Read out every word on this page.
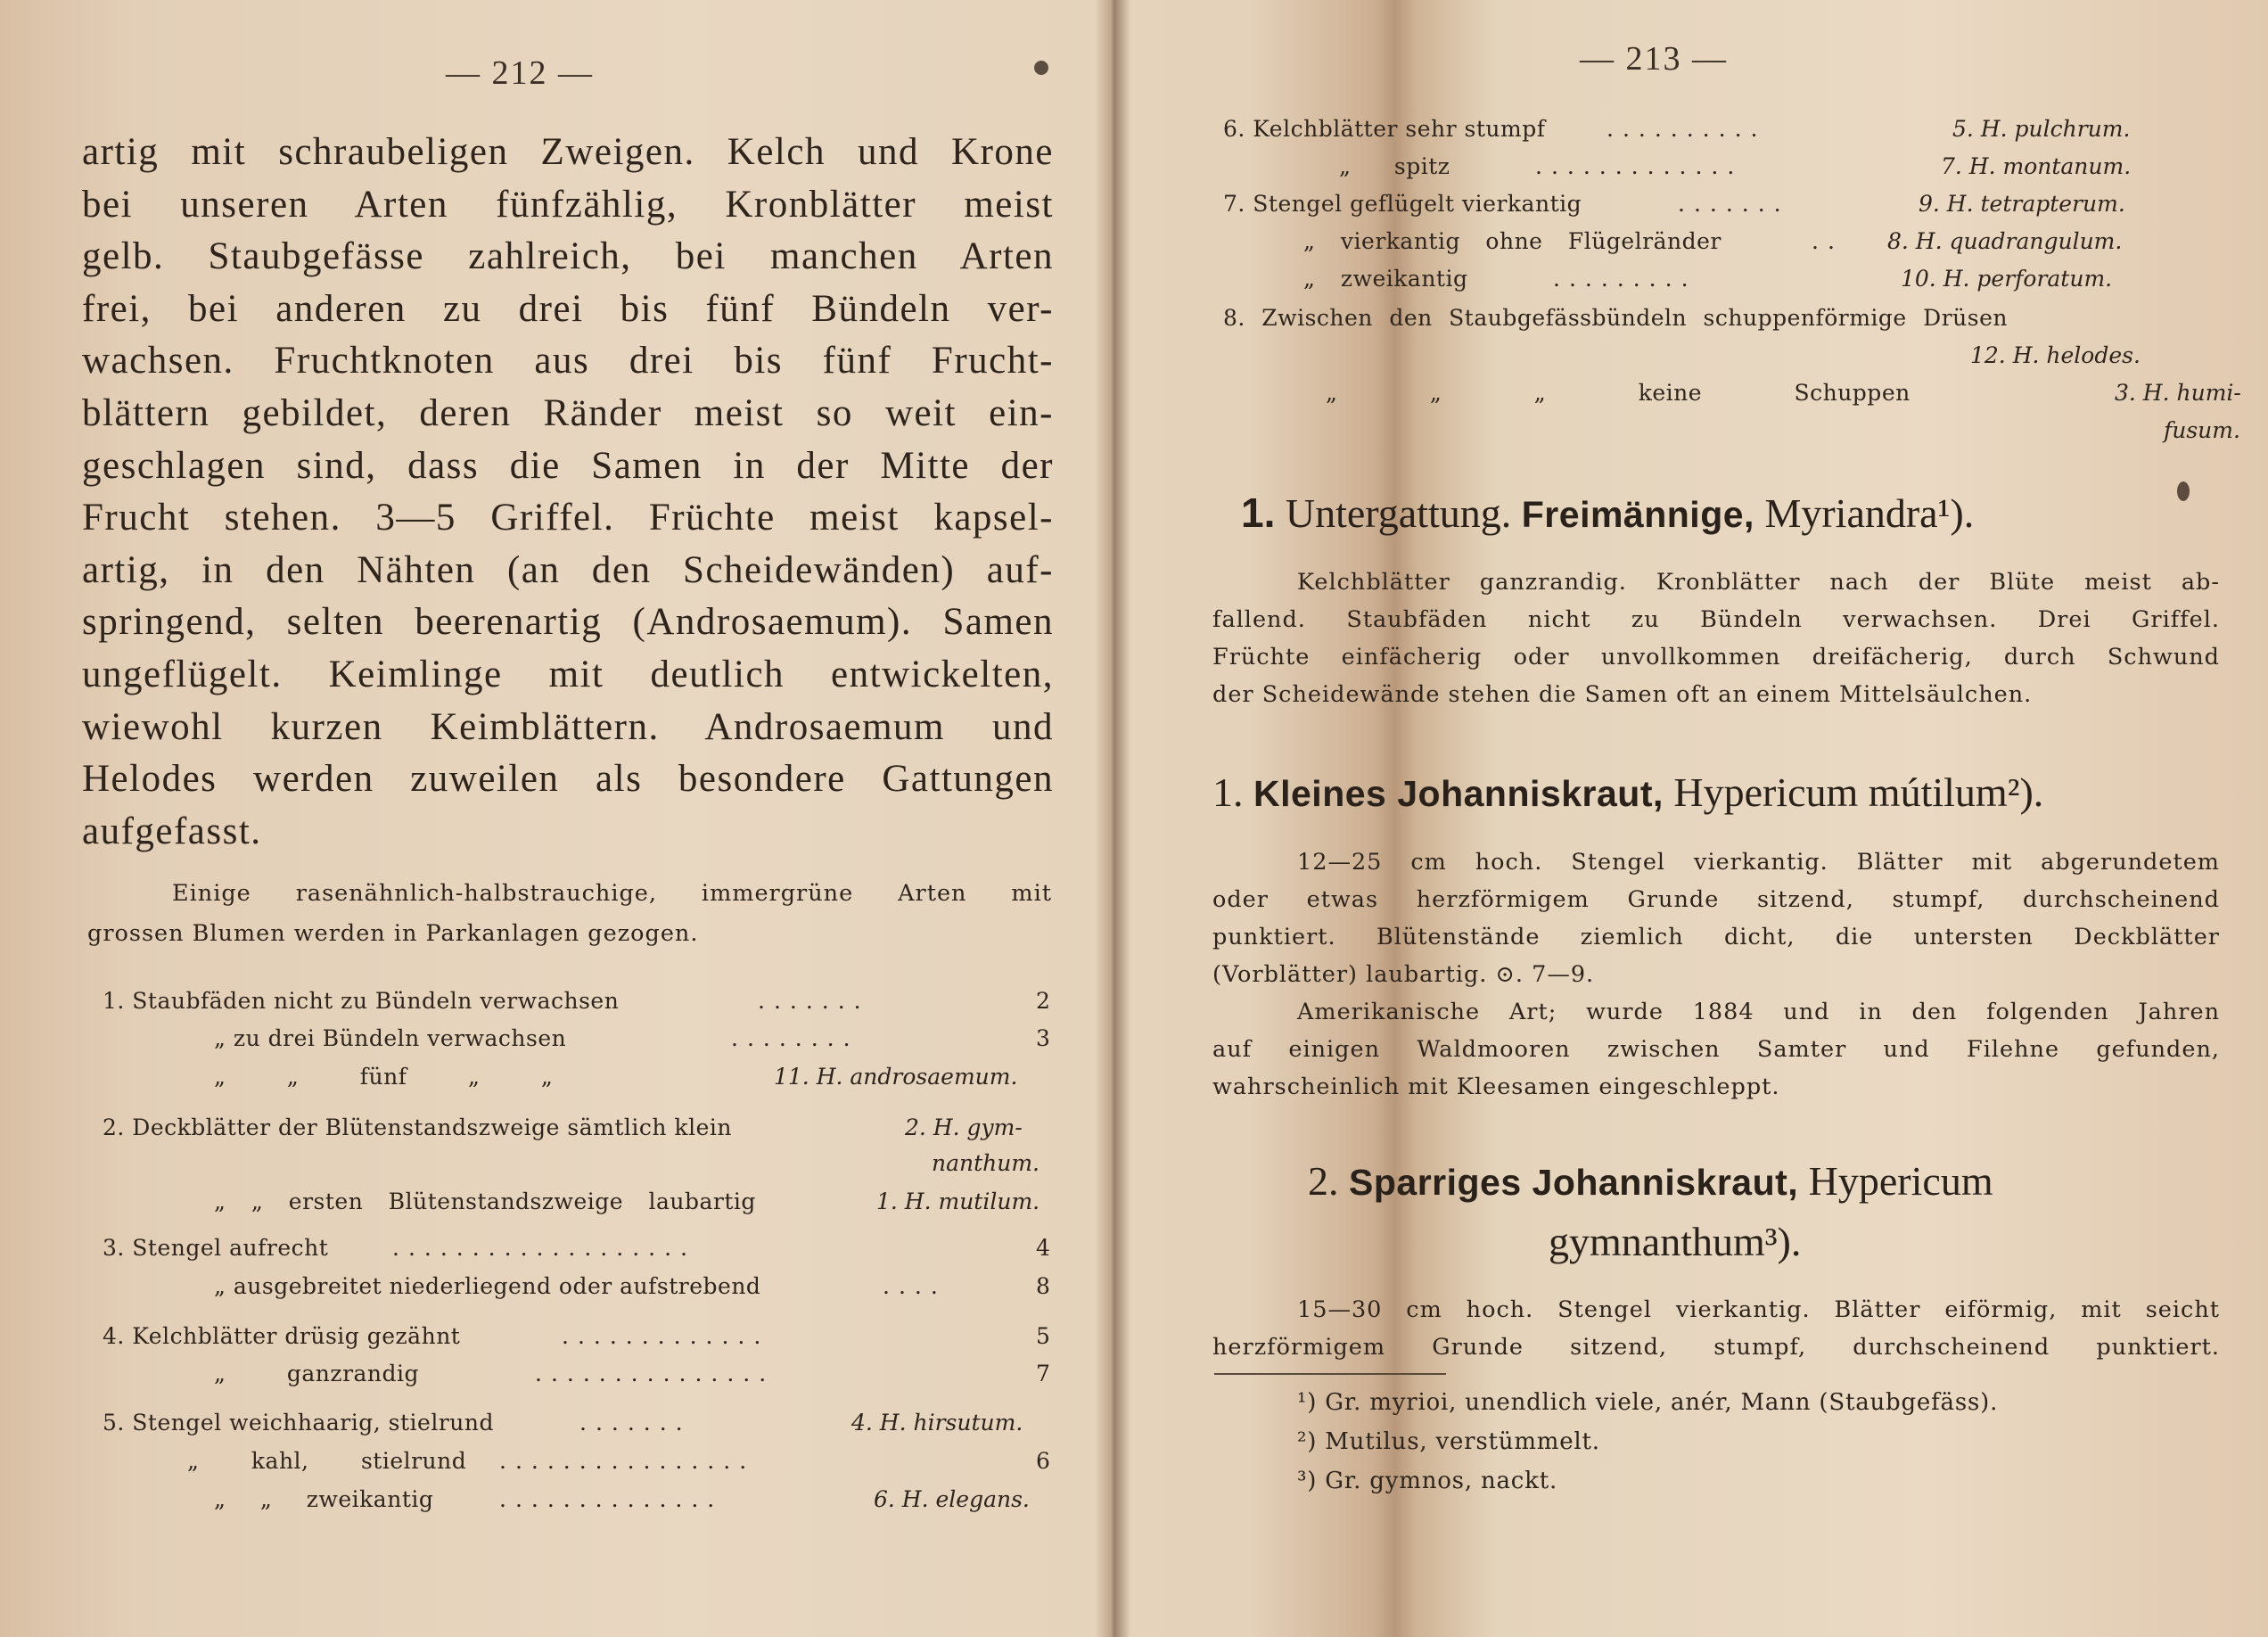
— 212 —
artig mit schraubeligen Zweigen. Kelch und Krone
bei unseren Arten fünfzählig, Kronblätter meist
gelb. Staubgefässe zahlreich, bei manchen Arten
frei, bei anderen zu drei bis fünf Bündeln ver-
wachsen. Fruchtknoten aus drei bis fünf Frucht-
blättern gebildet, deren Ränder meist so weit ein-
geschlagen sind, dass die Samen in der Mitte der
Frucht stehen. 3—5 Griffel. Früchte meist kapsel-
artig, in den Nähten (an den Scheidewänden) auf-
springend, selten beerenartig (Androsaemum). Samen
ungeflügelt. Keimlinge mit deutlich entwickelten,
wiewohl kurzen Keimblättern. Androsaemum und
Helodes werden zuweilen als besondere Gattungen
aufgefasst.
Einige rasenähnlich-halbstrauchige, immergrüne Arten mit
grossen Blumen werden in Parkanlagen gezogen.
1. Staubfäden nicht zu Bündeln verwachsen	.......	2
„ zu drei Bündeln verwachsen	........	3
„ „ fünf „ „	11. H. androsaemum.
2. Deckblätter der Blütenstandszweige sämtlich klein	2. H. gym-
nanthum.
„ „ ersten Blütenstandszweige laubartig	1. H. mutilum.
3. Stengel aufrecht	...................	4
„ ausgebreitet niederliegend oder aufstrebend	....	8
4. Kelchblätter drüsig gezähnt	.............	5
„ ganzrandig	...............	7
5. Stengel weichhaarig, stielrund	.......	4. H. hirsutum.
„ kahl, stielrund ................	6
„ „ zweikantig	..............	6. H. elegans.
— 213 —
6. Kelchblätter sehr stumpf	..........	5. H. pulchrum.
„ spitz	.............	7. H. montanum.
7. Stengel geflügelt vierkantig	.......	9. H. tetrapterum.
„ vierkantig ohne Flügelränder	.. 8. H. quadrangulum.
„ zweikantig	.........	10. H. perforatum.
8. Zwischen den Staubgefässbündeln schuppenförmige Drüsen
12. H. helodes.
„ „ „ keine Schuppen	3. H. humi-
fusum.
1. Untergattung. Freimännige, Myriandra¹).
Kelchblätter ganzrandig. Kronblätter nach der Blüte meist ab-
fallend. Staubfäden nicht zu Bündeln verwachsen. Drei Griffel.
Früchte einfächerig oder unvollkommen dreifächerig, durch Schwund
der Scheidewände stehen die Samen oft an einem Mittelsäulchen.
1. Kleines Johanniskraut, Hypericum mútilum²).
12—25 cm hoch. Stengel vierkantig. Blätter mit abgerundetem
oder etwas herzförmigem Grunde sitzend, stumpf, durchscheinend
punktiert. Blütenstände ziemlich dicht, die untersten Deckblätter
(Vorblätter) laubartig. ⊙. 7—9.
Amerikanische Art; wurde 1884 und in den folgenden Jahren
auf einigen Waldmooren zwischen Samter und Filehne gefunden,
wahrscheinlich mit Kleesamen eingeschleppt.
2. Sparriges Johanniskraut, Hypericum
gymnanthum³).
15—30 cm hoch. Stengel vierkantig. Blätter eiförmig, mit seicht
herzförmigem Grunde sitzend, stumpf, durchscheinend punktiert.
¹) Gr. myrioi, unendlich viele, anér, Mann (Staubgefäss).
²) Mutilus, verstümmelt.
³) Gr. gymnos, nackt.
